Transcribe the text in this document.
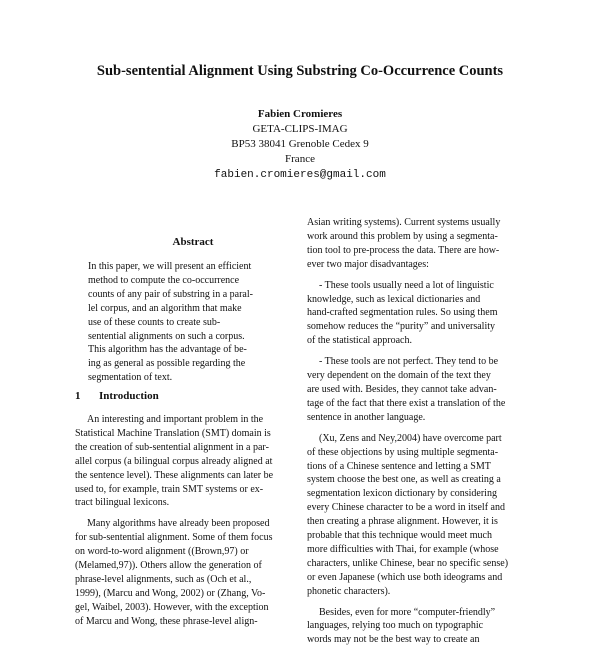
Sub-sentential Alignment Using Substring Co-Occurrence Counts
Fabien Cromieres
GETA-CLIPS-IMAG
BP53 38041 Grenoble Cedex 9
France
fabien.cromieres@gmail.com
Abstract
In this paper, we will present an efficient
method to compute the co-occurrence
counts of any pair of substring in a paral-
lel corpus, and an algorithm that make
use of these counts to create sub-
sentential alignments on such a corpus.
This algorithm has the advantage of be-
ing as general as possible regarding the
segmentation of text.
1 Introduction
An interesting and important problem in the
Statistical Machine Translation (SMT) domain is
the creation of sub-sentential alignment in a par-
allel corpus (a bilingual corpus already aligned at
the sentence level). These alignments can later be
used to, for example, train SMT systems or ex-
tract bilingual lexicons.
Many algorithms have already been proposed
for sub-sentential alignment. Some of them focus
on word-to-word alignment ((Brown,97) or
(Melamed,97)). Others allow the generation of
phrase-level alignments, such as (Och et al.,
1999), (Marcu and Wong, 2002) or (Zhang, Vo-
gel, Waibel, 2003). However, with the exception
of Marcu and Wong, these phrase-level align-
Asian writing systems). Current systems usually
work around this problem by using a segmenta-
tion tool to pre-process the data. There are how-
ever two major disadvantages:
- These tools usually need a lot of linguistic
knowledge, such as lexical dictionaries and
hand-crafted segmentation rules. So using them
somehow reduces the “purity” and universality
of the statistical approach.
- These tools are not perfect. They tend to be
very dependent on the domain of the text they
are used with. Besides, they cannot take advan-
tage of the fact that there exist a translation of the
sentence in another language.
(Xu, Zens and Ney,2004) have overcome part
of these objections by using multiple segmenta-
tions of a Chinese sentence and letting a SMT
system choose the best one, as well as creating a
segmentation lexicon dictionary by considering
every Chinese character to be a word in itself and
then creating a phrase alignment. However, it is
probable that this technique would meet much
more difficulties with Thai, for example (whose
characters, unlike Chinese, bear no specific sense)
or even Japanese (which use both ideograms and
phonetic characters).
Besides, even for more “computer-friendly”
languages, relying too much on typographic
words may not be the best way to create an
